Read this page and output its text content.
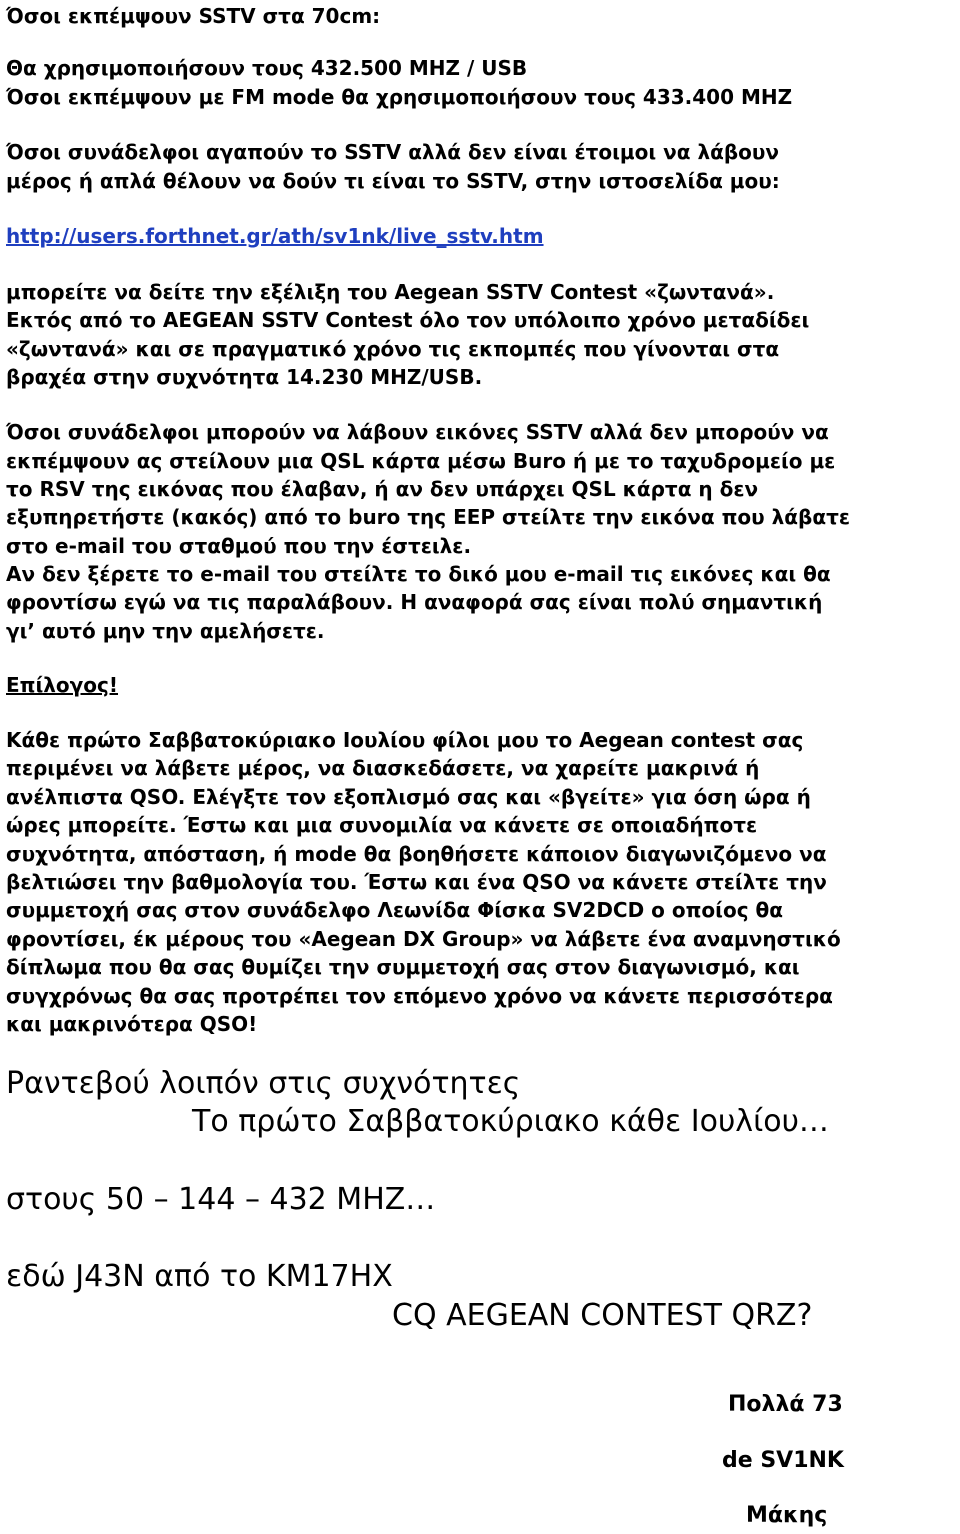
Όσοι εκπέμψουν SSTV στα 70cm:

Θα χρησιμοποιήσουν τους 432.500 MHZ / USB

Όσοι εκπέμψουν με FM mode θα χρησιμοποιήσουν τους 433.400 MHZ

Όσοι συνάδελφοι αγαπούν το SSTV αλλά δεν είναι έτοιμοι να λάβουν

μέρος ή απλά θέλουν να δούν τι είναι το SSTV, στην ιστοσελίδα μου:

http://users.forthnet.gr/ath/sv1nk/live_sstv.htm

μπορείτε να δείτε την εξέλιξη του Aegean SSTV Contest «ζωντανά».

Εκτός από το AEGEAN SSTV Contest όλο τον υπόλοιπο χρόνο μεταδίδει

«ζωντανά» και σε πραγματικό χρόνο τις εκπομπές που γίνονται στα

βραχέα στην συχνότητα 14.230 MHZ/USB.

Όσοι συνάδελφοι μπορούν να λάβουν εικόνες SSTV αλλά δεν μπορούν να

εκπέμψουν ας στείλουν μια QSL κάρτα μέσω Buro ή με το ταχυδρομείο με

το RSV της εικόνας που έλαβαν, ή αν δεν υπάρχει QSL κάρτα η δεν

εξυπηρετήστε (κακός) από το buro της ΕΕΡ στείλτε την εικόνα που λάβατε

στο e-mail του σταθμού που την έστειλε.

Αν δεν ξέρετε το e-mail του στείλτε το δικό μου e-mail τις εικόνες και θα

φροντίσω εγώ να τις παραλάβουν. Η αναφορά σας είναι πολύ σημαντική

γι’ αυτό μην την αμελήσετε.

Επίλογος!

Κάθε πρώτο Σαββατοκύριακο Ιουλίου φίλοι μου το Aegean contest σας

περιμένει να λάβετε μέρος, να διασκεδάσετε, να χαρείτε μακρινά ή

ανέλπιστα QSO. Ελέγξτε τον εξοπλισμό σας και «βγείτε» για όση ώρα ή

ώρες μπορείτε. Έστω και μια συνομιλία να κάνετε σε οποιαδήποτε

συχνότητα, απόσταση, ή mode θα βοηθήσετε κάποιον διαγωνιζόμενο να

βελτιώσει την βαθμολογία του. Έστω και ένα QSO να κάνετε στείλτε την

συμμετοχή σας στον συνάδελφο Λεωνίδα Φίσκα SV2DCD ο οποίος θα

φροντίσει, έκ μέρους του «Aegean DX Group» να λάβετε ένα αναμνηστικό

δίπλωμα που θα σας θυμίζει την συμμετοχή σας στον διαγωνισμό, και

συγχρόνως θα σας προτρέπει τον επόμενο χρόνο να κάνετε περισσότερα

και μακρινότερα QSO!

Ραντεβού λοιπόν στις συχνότητες

Το πρώτο Σαββατοκύριακο κάθε Ιουλίου…

στους 50 – 144 – 432 MHZ…

εδώ J43N από το KM17HX

CQ AEGEAN CONTEST QRZ?

Πολλά 73

de SV1NK

Μάκης
